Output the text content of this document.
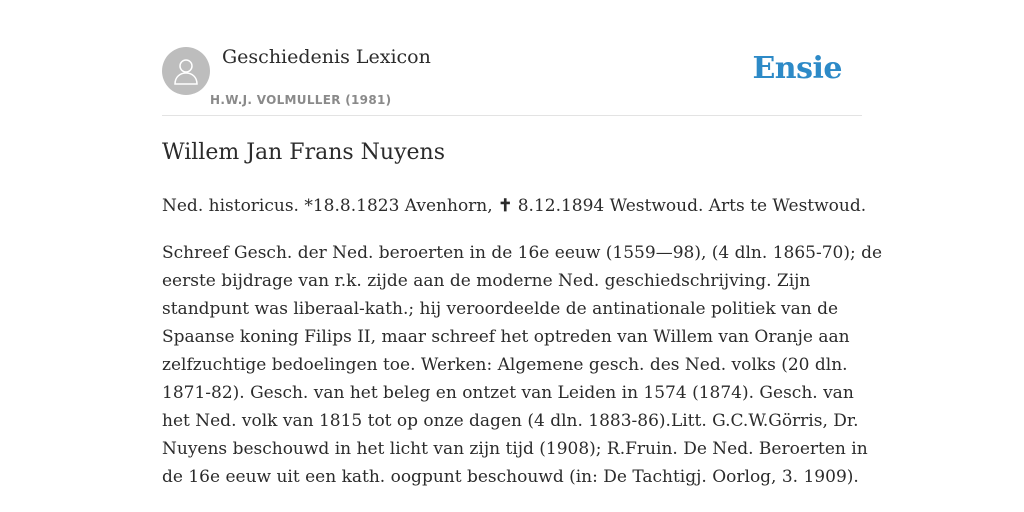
Geschiedenis Lexicon
H.W.J. VOLMULLER (1981)
Ensie
Willem Jan Frans Nuyens

Ned. historicus. *18.8.1823 Avenhorn, ✝ 8.12.1894 Westwoud. Arts te Westwoud.

Schreef Gesch. der Ned. beroerten in de 16e eeuw (1559—98), (4 dln. 1865-70); de
eerste bijdrage van r.k. zijde aan de moderne Ned. geschiedschrijving. Zijn
standpunt was liberaal-kath.; hij veroordeelde de antinationale politiek van de
Spaanse koning Filips II, maar schreef het optreden van Willem van Oranje aan
zelfzuchtige bedoelingen toe. Werken: Algemene gesch. des Ned. volks (20 dln.
1871-82). Gesch. van het beleg en ontzet van Leiden in 1574 (1874). Gesch. van
het Ned. volk van 1815 tot op onze dagen (4 dln. 1883-86).Litt. G.C.W.Görris, Dr.
Nuyens beschouwd in het licht van zijn tijd (1908); R.Fruin. De Ned. Beroerten in
de 16e eeuw uit een kath. oogpunt beschouwd (in: De Tachtigj. Oorlog, 3. 1909).
